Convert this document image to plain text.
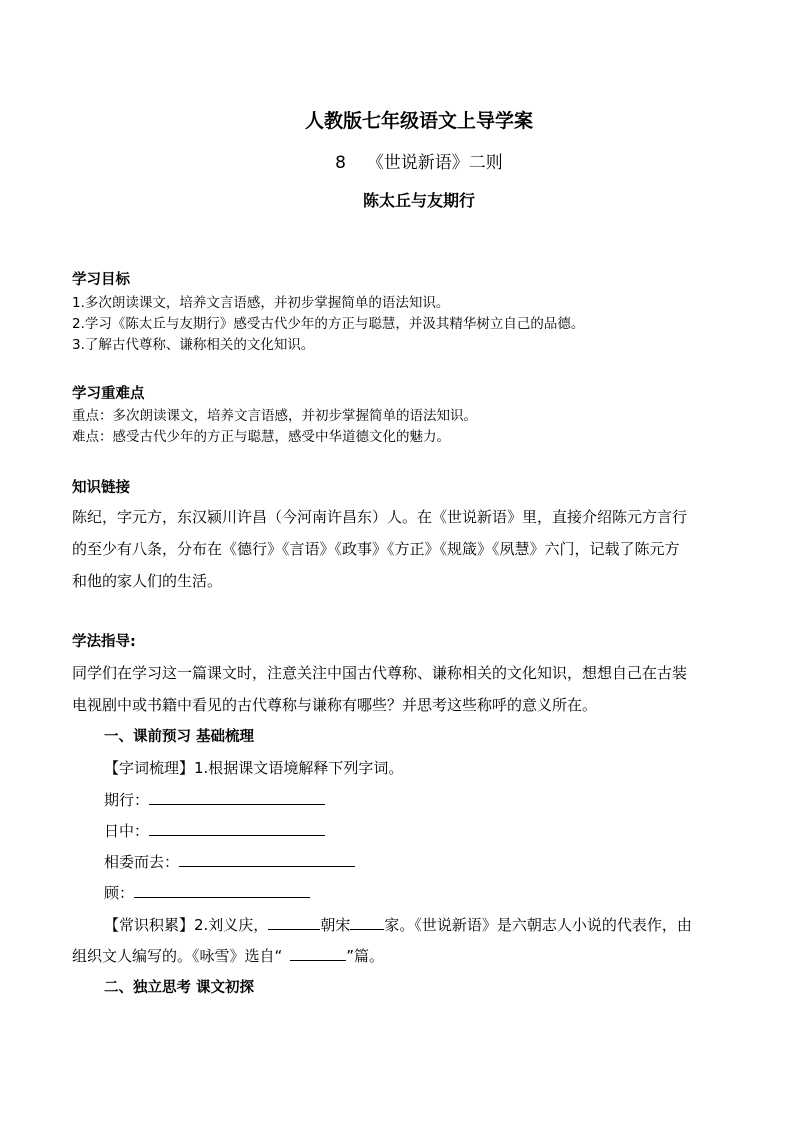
人教版七年级语文上导学案
8 《世说新语》二则
陈太丘与友期行
学习目标
1.多次朗读课文，培养文言语感，并初步掌握简单的语法知识。
2.学习《陈太丘与友期行》感受古代少年的方正与聪慧，并汲其精华树立自己的品德。
3.了解古代尊称、谦称相关的文化知识。
学习重难点
重点：多次朗读课文，培养文言语感，并初步掌握简单的语法知识。
难点：感受古代少年的方正与聪慧，感受中华道德文化的魅力。
知识链接
陈纪，字元方，东汉颍川许昌（今河南许昌东）人。在《世说新语》里，直接介绍陈元方言行
的至少有八条，分布在《德行》《言语》《政事》《方正》《规箴》《夙慧》六门，记载了陈元方
和他的家人们的生活。
学法指导:
同学们在学习这一篇课文时，注意关注中国古代尊称、谦称相关的文化知识，想想自己在古装
电视剧中或书籍中看见的古代尊称与谦称有哪些？并思考这些称呼的意义所在。
一、课前预习 基础梳理
【字词梳理】1.根据课文语境解释下列字词。
期行：
日中：
相委而去：
顾：
【常识积累】2.刘义庆，	朝宋 家。《世说新语》是六朝志人小说的代表作，由
组织文人编写的。《咏雪》选自“	”篇。
二、独立思考 课文初探
